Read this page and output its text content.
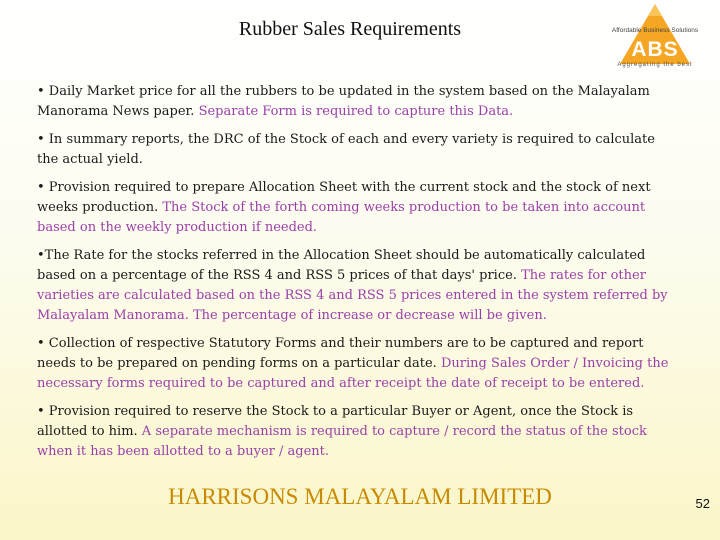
Rubber Sales Requirements	Affordable Business Solutions
ABS
Aggregating the best

• Daily Market price for all the rubbers to be updated in the system based on the Malayalam Manorama News paper. Separate Form is required to capture this Data.

• In summary reports, the DRC of the Stock of each and every variety is required to calculate the actual yield.

• Provision required to prepare Allocation Sheet with the current stock and the stock of next weeks production. The Stock of the forth coming weeks production to be taken into account based on the weekly production if needed.

•The Rate for the stocks referred in the Allocation Sheet should be automatically calculated based on a percentage of the RSS 4 and RSS 5 prices of that days' price. The rates for other varieties are calculated based on the RSS 4 and RSS 5 prices entered in the system referred by Malayalam Manorama. The percentage of increase or decrease will be given.

• Collection of respective Statutory Forms and their numbers are to be captured and report needs to be prepared on pending forms on a particular date. During Sales Order / Invoicing the necessary forms required to be captured and after receipt the date of receipt to be entered.

• Provision required to reserve the Stock to a particular Buyer or Agent, once the Stock is allotted to him. A separate mechanism is required to capture / record the status of the stock when it has been allotted to a buyer / agent.

HARRISONS MALAYALAM LIMITED	52
